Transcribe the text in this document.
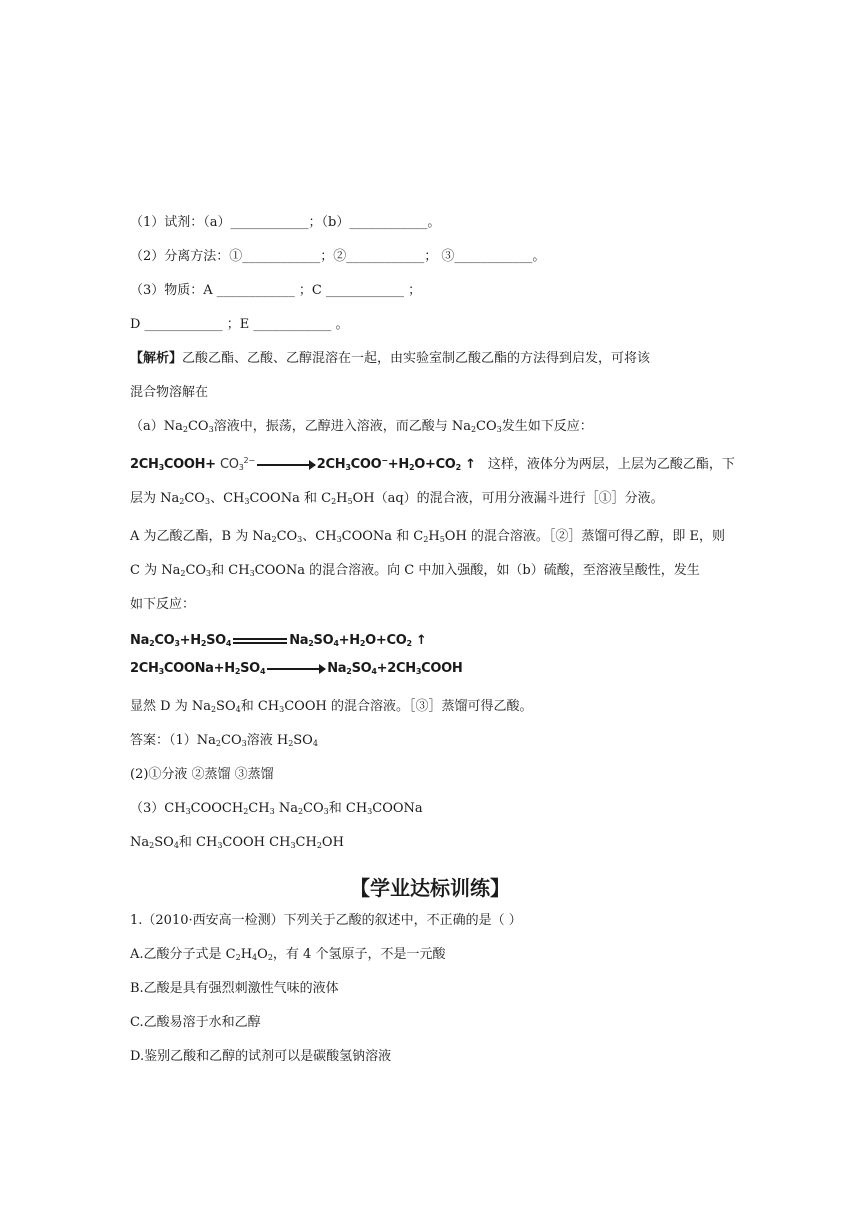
（1）试剂：（a）____________；（b）____________。
（2）分离方法：①____________；②____________； ③____________。
（3）物质：A ____________ ；C ____________ ；
D ____________ ；E ____________ 。
【解析】乙酸乙酯、乙酸、乙醇混溶在一起，由实验室制乙酸乙酯的方法得到启发，可将该
混合物溶解在
$(a)Na_2CO_3$溶液中，振荡，乙醇进入溶液，而乙酸与 $Na_2CO_3$发生如下反应：
$2CH_3COOH+ CO_3^{2-}$	$2CH_3COO^-+H_2O+CO_2$ ↑ 这样，液体分为两层，上层为乙酸乙酯，下
层为 $Na_2CO_3$、$CH_3COONa$ 和 $C_2H_5OH(aq)$的混合液，可用分液漏斗进行［①］分液。
A 为乙酸乙酯，B 为 $Na_2CO_3$、$CH_3COONa$ 和 $C_2H_5OH$ 的混合溶液。［②］蒸馏可得乙醇，即 E，则
C 为 $Na_2CO_3$和 $CH_3COONa$ 的混合溶液。向 C 中加入强酸，如（b）硫酸，至溶液呈酸性，发生
如下反应：
$Na_2CO_3+H_2SO_4$	$Na_2SO_4+H_2O+CO_2$ ↑
$2CH_3COONa+H_2SO_4$	$Na_2SO_4+2CH_3COOH$
显然 D 为 $Na_2SO_4$和 $CH_3COOH$ 的混合溶液。［③］蒸馏可得乙酸。
答案：$(1)Na_2CO_3$溶液 $H_2SO_4$
(2)①分液 ②蒸馏 ③蒸馏
$(3)CH_3COOCH_2CH_3$ $Na_2CO_3$和 $CH_3COONa$
$Na_2SO_4$和 $CH_3COOH$ $CH_3CH_2OH$
【学业达标训练】
1.（2010·西安高一检测）下列关于乙酸的叙述中，不正确的是（ ）
A.乙酸分子式是 $C_2H_4O_2$，有 4 个氢原子，不是一元酸
B.乙酸是具有强烈刺激性气味的液体
C.乙酸易溶于水和乙醇
D.鉴别乙酸和乙醇的试剂可以是碳酸氢钠溶液
